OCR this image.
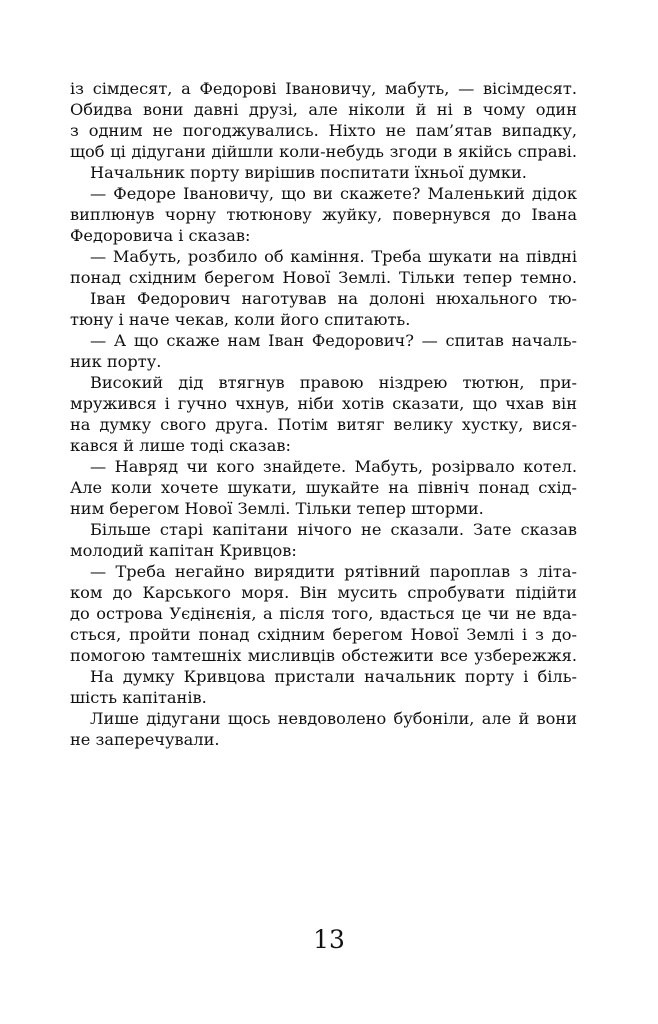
із сімдесят, а Федорові Івановичу, мабуть, — вісімдесят.
Обидва вони давні друзі, але ніколи й ні в чому один
з одним не погоджувались. Ніхто не пам’ятав випадку,
щоб ці дідугани дійшли коли-небудь згоди в якійсь справі.

Начальник порту вирішив поспитати їхньої думки.

— Федоре Івановичу, що ви скажете? Маленький дідок
виплюнув чорну тютюнову жуйку, повернувся до Івана
Федоровича і сказав:

— Мабуть, розбило об каміння. Треба шукати на півдні
понад східним берегом Нової Землі. Тільки тепер темно.

Іван Федорович наготував на долоні нюхального тю-
тюну і наче чекав, коли його спитають.

— А що скаже нам Іван Федорович? — спитав началь-
ник порту.

Високий дід втягнув правою ніздрею тютюн, при-
мружився і гучно чхнув, ніби хотів сказати, що чхав він
на думку свого друга. Потім витяг велику хустку, вися-
кався й лише тоді сказав:

— Навряд чи кого знайдете. Мабуть, розірвало котел.
Але коли хочете шукати, шукайте на північ понад схід-
ним берегом Нової Землі. Тільки тепер шторми.

Більше старі капітани нічого не сказали. Зате сказав
молодий капітан Кривцов:

— Треба негайно вирядити рятівний пароплав з літа-
ком до Карського моря. Він мусить спробувати підійти
до острова Уєдінєнія, а після того, вдасться це чи не вда-
сться, пройти понад східним берегом Нової Землі і з до-
помогою тамтешніх мисливців обстежити все узбережжя.

На думку Кривцова пристали начальник порту і біль-
шість капітанів.

Лише дідугани щось невдоволено бубоніли, але й вони
не заперечували.

13
